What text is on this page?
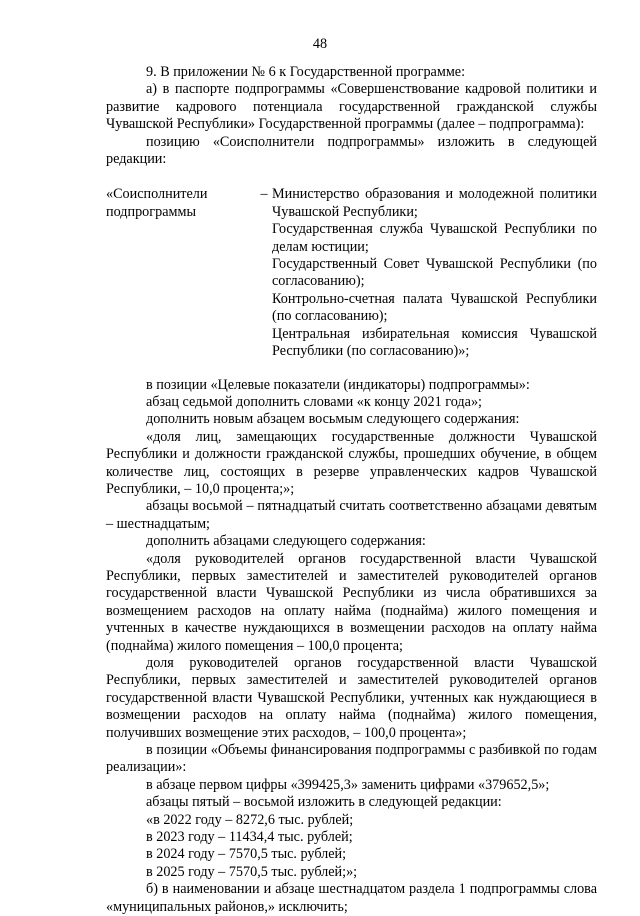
48

9. В приложении № 6 к Государственной программе:

а) в паспорте подпрограммы «Совершенствование кадровой политики и развитие кадрового потенциала государственной гражданской службы Чувашской Республики» Государственной программы (далее – подпрограмма):

позицию «Соисполнители подпрограммы» изложить в следующей редакции:

«Соисполнители подпрограммы
– Министерство образования и молодежной политики Чувашской Республики;
Государственная служба Чувашской Республики по делам юстиции;
Государственный Совет Чувашской Республики (по согласованию);
Контрольно-счетная палата Чувашской Республики (по согласованию);
Центральная избирательная комиссия Чувашской Республики (по согласованию)»;

в позиции «Целевые показатели (индикаторы) подпрограммы»:

абзац седьмой дополнить словами «к концу 2021 года»;

дополнить новым абзацем восьмым следующего содержания:

«доля лиц, замещающих государственные должности Чувашской Республики и должности гражданской службы, прошедших обучение, в общем количестве лиц, состоящих в резерве управленческих кадров Чувашской Республики, – 10,0 процента;»;

абзацы восьмой – пятнадцатый считать соответственно абзацами девятым – шестнадцатым;

дополнить абзацами следующего содержания:

«доля руководителей органов государственной власти Чувашской Республики, первых заместителей и заместителей руководителей органов государственной власти Чувашской Республики из числа обратившихся за возмещением расходов на оплату найма (поднайма) жилого помещения и учтенных в качестве нуждающихся в возмещении расходов на оплату найма (поднайма) жилого помещения – 100,0 процента;

доля руководителей органов государственной власти Чувашской Республики, первых заместителей и заместителей руководителей органов государственной власти Чувашской Республики, учтенных как нуждающиеся в возмещении расходов на оплату найма (поднайма) жилого помещения, получивших возмещение этих расходов, – 100,0 процента»;

в позиции «Объемы финансирования подпрограммы с разбивкой по годам реализации»:

в абзаце первом цифры «399425,3» заменить цифрами «379652,5»;

абзацы пятый – восьмой изложить в следующей редакции:

«в 2022 году – 8272,6 тыс. рублей;

в 2023 году – 11434,4 тыс. рублей;

в 2024 году – 7570,5 тыс. рублей;

в 2025 году – 7570,5 тыс. рублей;»;

б) в наименовании и абзаце шестнадцатом раздела 1 подпрограммы слова «муниципальных районов,» исключить;
